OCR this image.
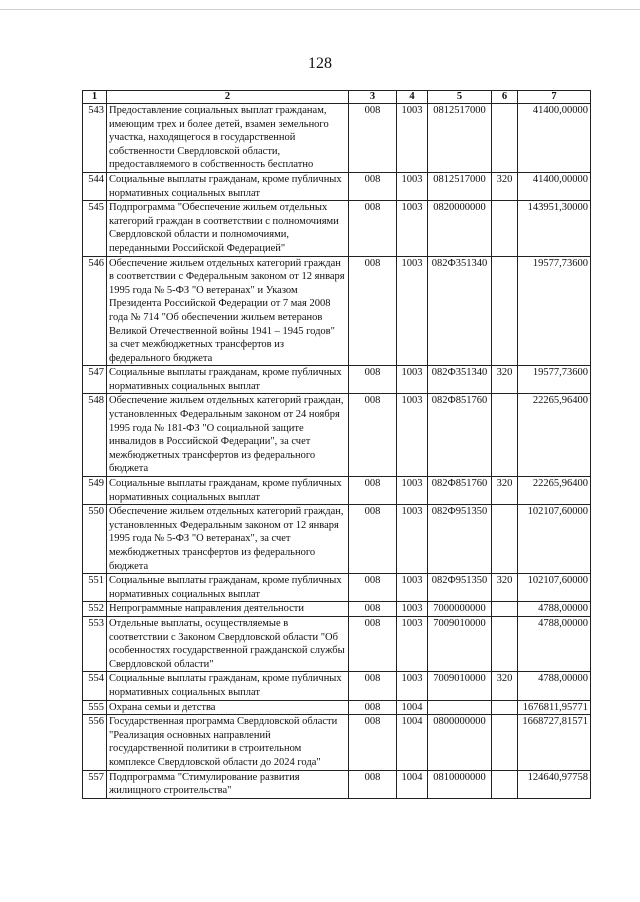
128
1	2	3	4	5	6	7
543	Предоставление социальных выплат гражданам, имеющим трех и более детей, взамен земельного участка, находящегося в государственной собственности Свердловской области, предоставляемого в собственность бесплатно	008	1003	0812517000		41400,00000
544	Социальные выплаты гражданам, кроме публичных нормативных социальных выплат	008	1003	0812517000	320	41400,00000
545	Подпрограмма "Обеспечение жильем отдельных категорий граждан в соответствии с полномочиями Свердловской области и полномочиями, переданными Российской Федерацией"	008	1003	0820000000		143951,30000
546	Обеспечение жильем отдельных категорий граждан в соответствии с Федеральным законом от 12 января 1995 года № 5-ФЗ "О ветеранах" и Указом Президента Российской Федерации от 7 мая 2008 года № 714 "Об обеспечении жильем ветеранов Великой Отечественной войны 1941 – 1945 годов" за счет межбюджетных трансфертов из федерального бюджета	008	1003	082Ф351340		19577,73600
547	Социальные выплаты гражданам, кроме публичных нормативных социальных выплат	008	1003	082Ф351340	320	19577,73600
548	Обеспечение жильем отдельных категорий граждан, установленных Федеральным законом от 24 ноября 1995 года № 181-ФЗ "О социальной защите инвалидов в Российской Федерации", за счет межбюджетных трансфертов из федерального бюджета	008	1003	082Ф851760		22265,96400
549	Социальные выплаты гражданам, кроме публичных нормативных социальных выплат	008	1003	082Ф851760	320	22265,96400
550	Обеспечение жильем отдельных категорий граждан, установленных Федеральным законом от 12 января 1995 года № 5-ФЗ "О ветеранах", за счет межбюджетных трансфертов из федерального бюджета	008	1003	082Ф951350		102107,60000
551	Социальные выплаты гражданам, кроме публичных нормативных социальных выплат	008	1003	082Ф951350	320	102107,60000
552	Непрограммные направления деятельности	008	1003	7000000000		4788,00000
553	Отдельные выплаты, осуществляемые в соответствии с Законом Свердловской области "Об особенностях государственной гражданской службы Свердловской области"	008	1003	7009010000		4788,00000
554	Социальные выплаты гражданам, кроме публичных нормативных социальных выплат	008	1003	7009010000	320	4788,00000
555	Охрана семьи и детства	008	1004			1676811,95771
556	Государственная программа Свердловской области "Реализация основных направлений государственной политики в строительном комплексе Свердловской области до 2024 года"	008	1004	0800000000		1668727,81571
557	Подпрограмма "Стимулирование развития жилищного строительства"	008	1004	0810000000		124640,97758
